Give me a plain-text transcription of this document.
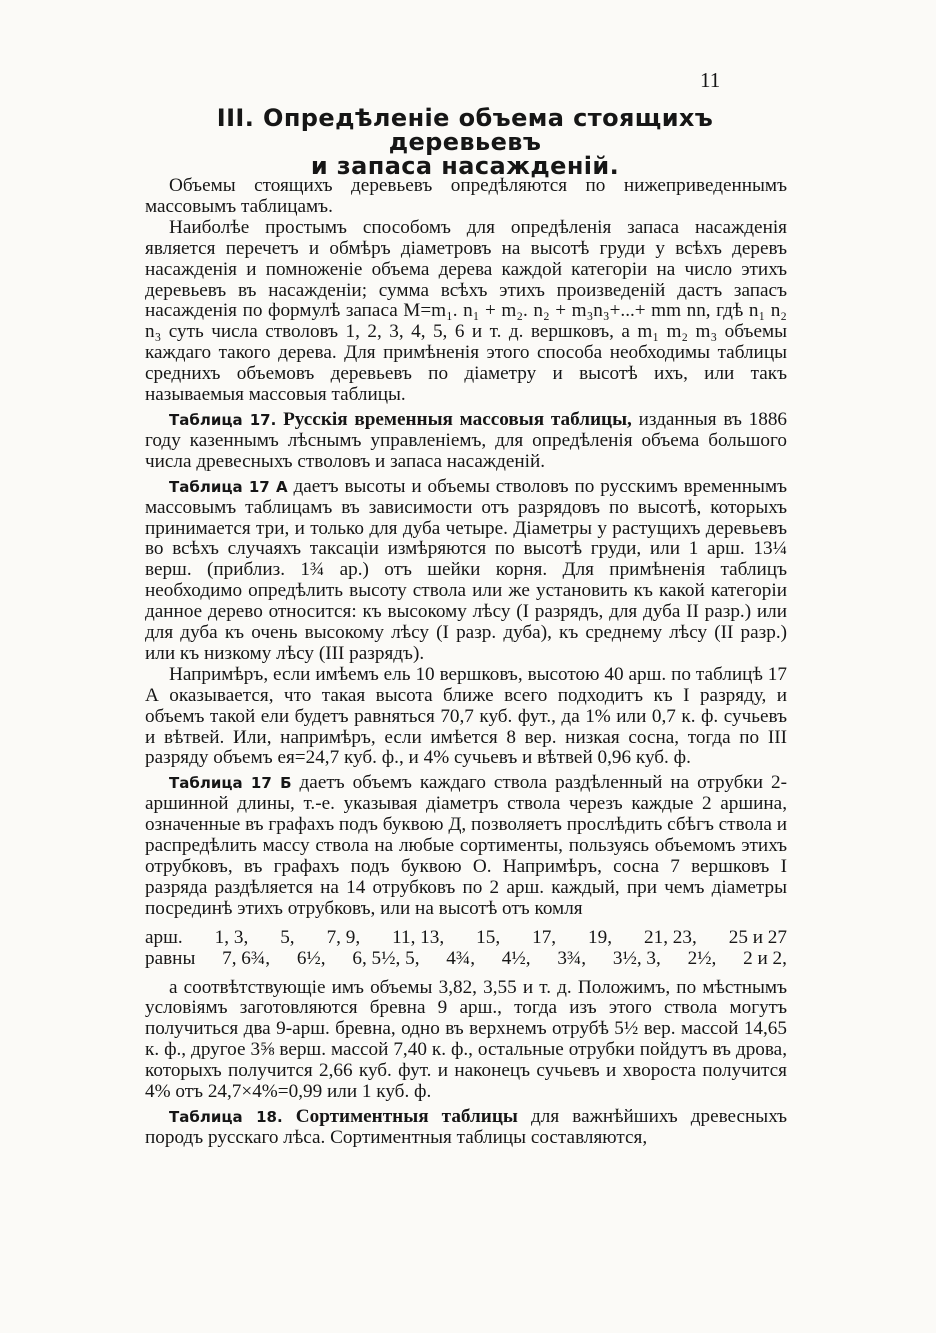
11
III. Опредѣленіе объема стоящихъ деревьевъ
и запаса насажденій.

Объемы стоящихъ деревьевъ опредѣляются по нижеприведеннымъ массовымъ таблицамъ.

Наиболѣе простымъ способомъ для опредѣленія запаса насажденія является перечетъ и обмѣръ діаметровъ на высотѣ груди у всѣхъ деревъ насажденія и помноженіе объема дерева каждой категоріи на число этихъ деревьевъ въ насажденіи; сумма всѣхъ этихъ произведеній дастъ запасъ насажденія по формулѣ запаса M=m₁. n₁ + m₂. n₂ + m₃n₃+...+ mm nn, гдѣ n₁ n₂ n₃ суть числа стволовъ 1, 2, 3, 4, 5, 6 и т. д. вершковъ, а m₁ m₂ m₃ объемы каждаго такого дерева. Для примѣненія этого способа необходимы таблицы среднихъ объемовъ деревьевъ по діаметру и высотѣ ихъ, или такъ называемыя массовыя таблицы.

Таблица 17. Русскія временныя массовыя таблицы, изданныя въ 1886 году казеннымъ лѣснымъ управленіемъ, для опредѣленія объема большого числа древесныхъ стволовъ и запаса насажденій.

Таблица 17 А даетъ высоты и объемы стволовъ по русскимъ временнымъ массовымъ таблицамъ въ зависимости отъ разрядовъ по высотѣ, которыхъ принимается три, и только для дуба четыре. Діаметры у растущихъ деревьевъ во всѣхъ случаяхъ таксаціи измѣряются по высотѣ груди, или 1 арш. 13¼ верш. (приблиз. 1¾ ар.) отъ шейки корня. Для примѣненія таблицъ необходимо опредѣлить высоту ствола или же установить къ какой категоріи данное дерево относится: къ высокому лѣсу (I разрядъ, для дуба II разр.) или для дуба къ очень высокому лѣсу (I разр. дуба), къ среднему лѣсу (II разр.) или къ низкому лѣсу (III разрядъ).

Напримѣръ, если имѣемъ ель 10 вершковъ, высотою 40 арш. по таблицѣ 17 А оказывается, что такая высота ближе всего подходитъ къ I разряду, и объемъ такой ели будетъ равняться 70,7 куб. фут., да 1% или 0,7 к. ф. сучьевъ и вѣтвей. Или, напримѣръ, если имѣется 8 вер. низкая сосна, тогда по III разряду объемъ ея=24,7 куб. ф., и 4% сучьевъ и вѣтвей 0,96 куб. ф.

Таблица 17 Б даетъ объемъ каждаго ствола раздѣленный на отрубки 2-аршинной длины, т.-е. указывая діаметръ ствола черезъ каждые 2 аршина, означенные въ графахъ подъ буквою Д, позволяетъ прослѣдить сбѣгъ ствола и распредѣлить массу ствола на любые сортименты, пользуясь объемомъ этихъ отрубковъ, въ графахъ подъ буквою О. Напримѣръ, сосна 7 вершковъ I разряда раздѣляется на 14 отрубковъ по 2 арш. каждый, при чемъ діаметры посрединѣ этихъ отрубковъ, или на высотѣ отъ комля

арш. 1, 3, 5, 7, 9, 11, 13, 15, 17, 19, 21, 23, 25 и 27
равны 7, 6¾, 6½, 6, 5½, 5, 4¾, 4½, 3¾, 3½, 3, 2½, 2 и 2,

а соотвѣтствующіе имъ объемы 3,82, 3,55 и т. д. Положимъ, по мѣстнымъ условіямъ заготовляются бревна 9 арш., тогда изъ этого ствола могутъ получиться два 9-арш. бревна, одно въ верхнемъ отрубѣ 5½ вер. массой 14,65 к. ф., другое 3⅝ верш. массой 7,40 к. ф., остальные отрубки пойдутъ въ дрова, которыхъ получится 2,66 куб. фут. и наконецъ сучьевъ и хвороста получится 4% отъ 24,7×4%=0,99 или 1 куб. ф.

Таблица 18. Сортиментныя таблицы для важнѣйшихъ древесныхъ породъ русскаго лѣса. Сортиментныя таблицы составляются,
